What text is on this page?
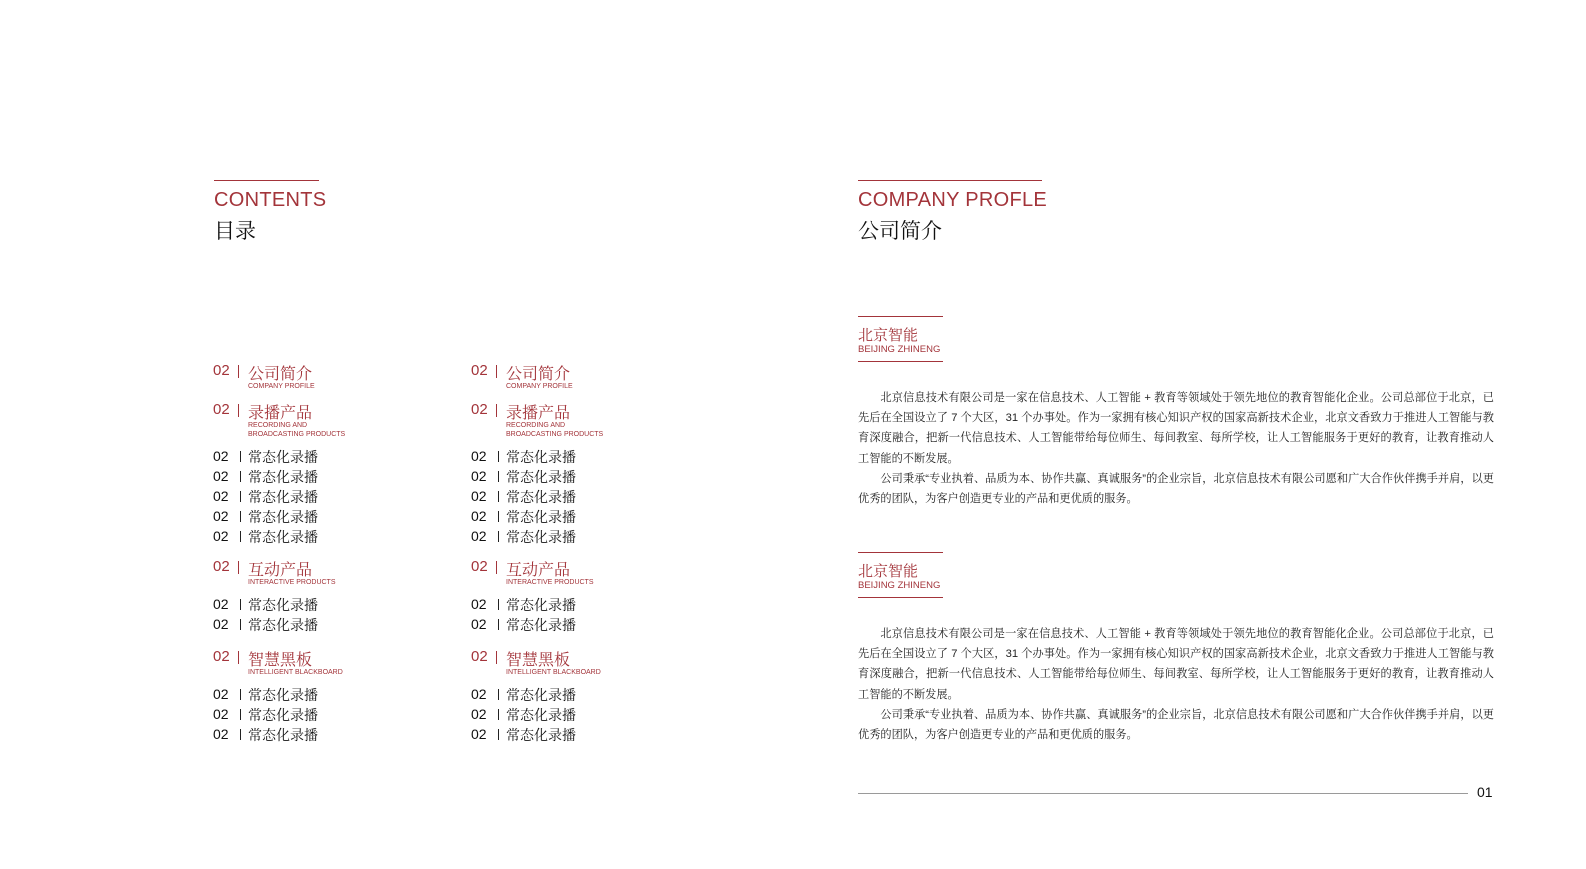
CONTENTS
目录
02 公司简介
COMPANY PROFILE
02 录播产品
RECORDING AND
BROADCASTING PRODUCTS
02 常态化录播
02 常态化录播
02 常态化录播
02 常态化录播
02 常态化录播
02 互动产品
INTERACTIVE PRODUCTS
02 常态化录播
02 常态化录播
02 智慧黑板
INTELLIGENT BLACKBOARD
02 常态化录播
02 常态化录播
02 常态化录播
02 公司简介
COMPANY PROFILE
02 录播产品
RECORDING AND
BROADCASTING PRODUCTS
02 常态化录播
02 常态化录播
02 常态化录播
02 常态化录播
02 常态化录播
02 互动产品
INTERACTIVE PRODUCTS
02 常态化录播
02 常态化录播
02 智慧黑板
INTELLIGENT BLACKBOARD
02 常态化录播
02 常态化录播
02 常态化录播
COMPANY PROFLE
公司简介
北京智能
BEIJING ZHINENG

北京信息技术有限公司是一家在信息技术、人工智能 + 教育等领域处于领先地位的教育智能化企业。公司总部位于北京，已先后在全国设立了 7 个大区，31 个办事处。作为一家拥有核心知识产权的国家高新技术企业，北京文香致力于推进人工智能与教育深度融合，把新一代信息技术、人工智能带给每位师生、每间教室、每所学校，让人工智能服务于更好的教育，让教育推动人工智能的不断发展。

公司秉承“专业执着、品质为本、协作共赢、真诚服务”的企业宗旨，北京信息技术有限公司愿和广大合作伙伴携手并肩，以更优秀的团队，为客户创造更专业的产品和更优质的服务。

北京智能
BEIJING ZHINENG

北京信息技术有限公司是一家在信息技术、人工智能 + 教育等领域处于领先地位的教育智能化企业。公司总部位于北京，已先后在全国设立了 7 个大区，31 个办事处。作为一家拥有核心知识产权的国家高新技术企业，北京文香致力于推进人工智能与教育深度融合，把新一代信息技术、人工智能带给每位师生、每间教室、每所学校，让人工智能服务于更好的教育，让教育推动人工智能的不断发展。

公司秉承“专业执着、品质为本、协作共赢、真诚服务”的企业宗旨，北京信息技术有限公司愿和广大合作伙伴携手并肩，以更优秀的团队，为客户创造更专业的产品和更优质的服务。

01
